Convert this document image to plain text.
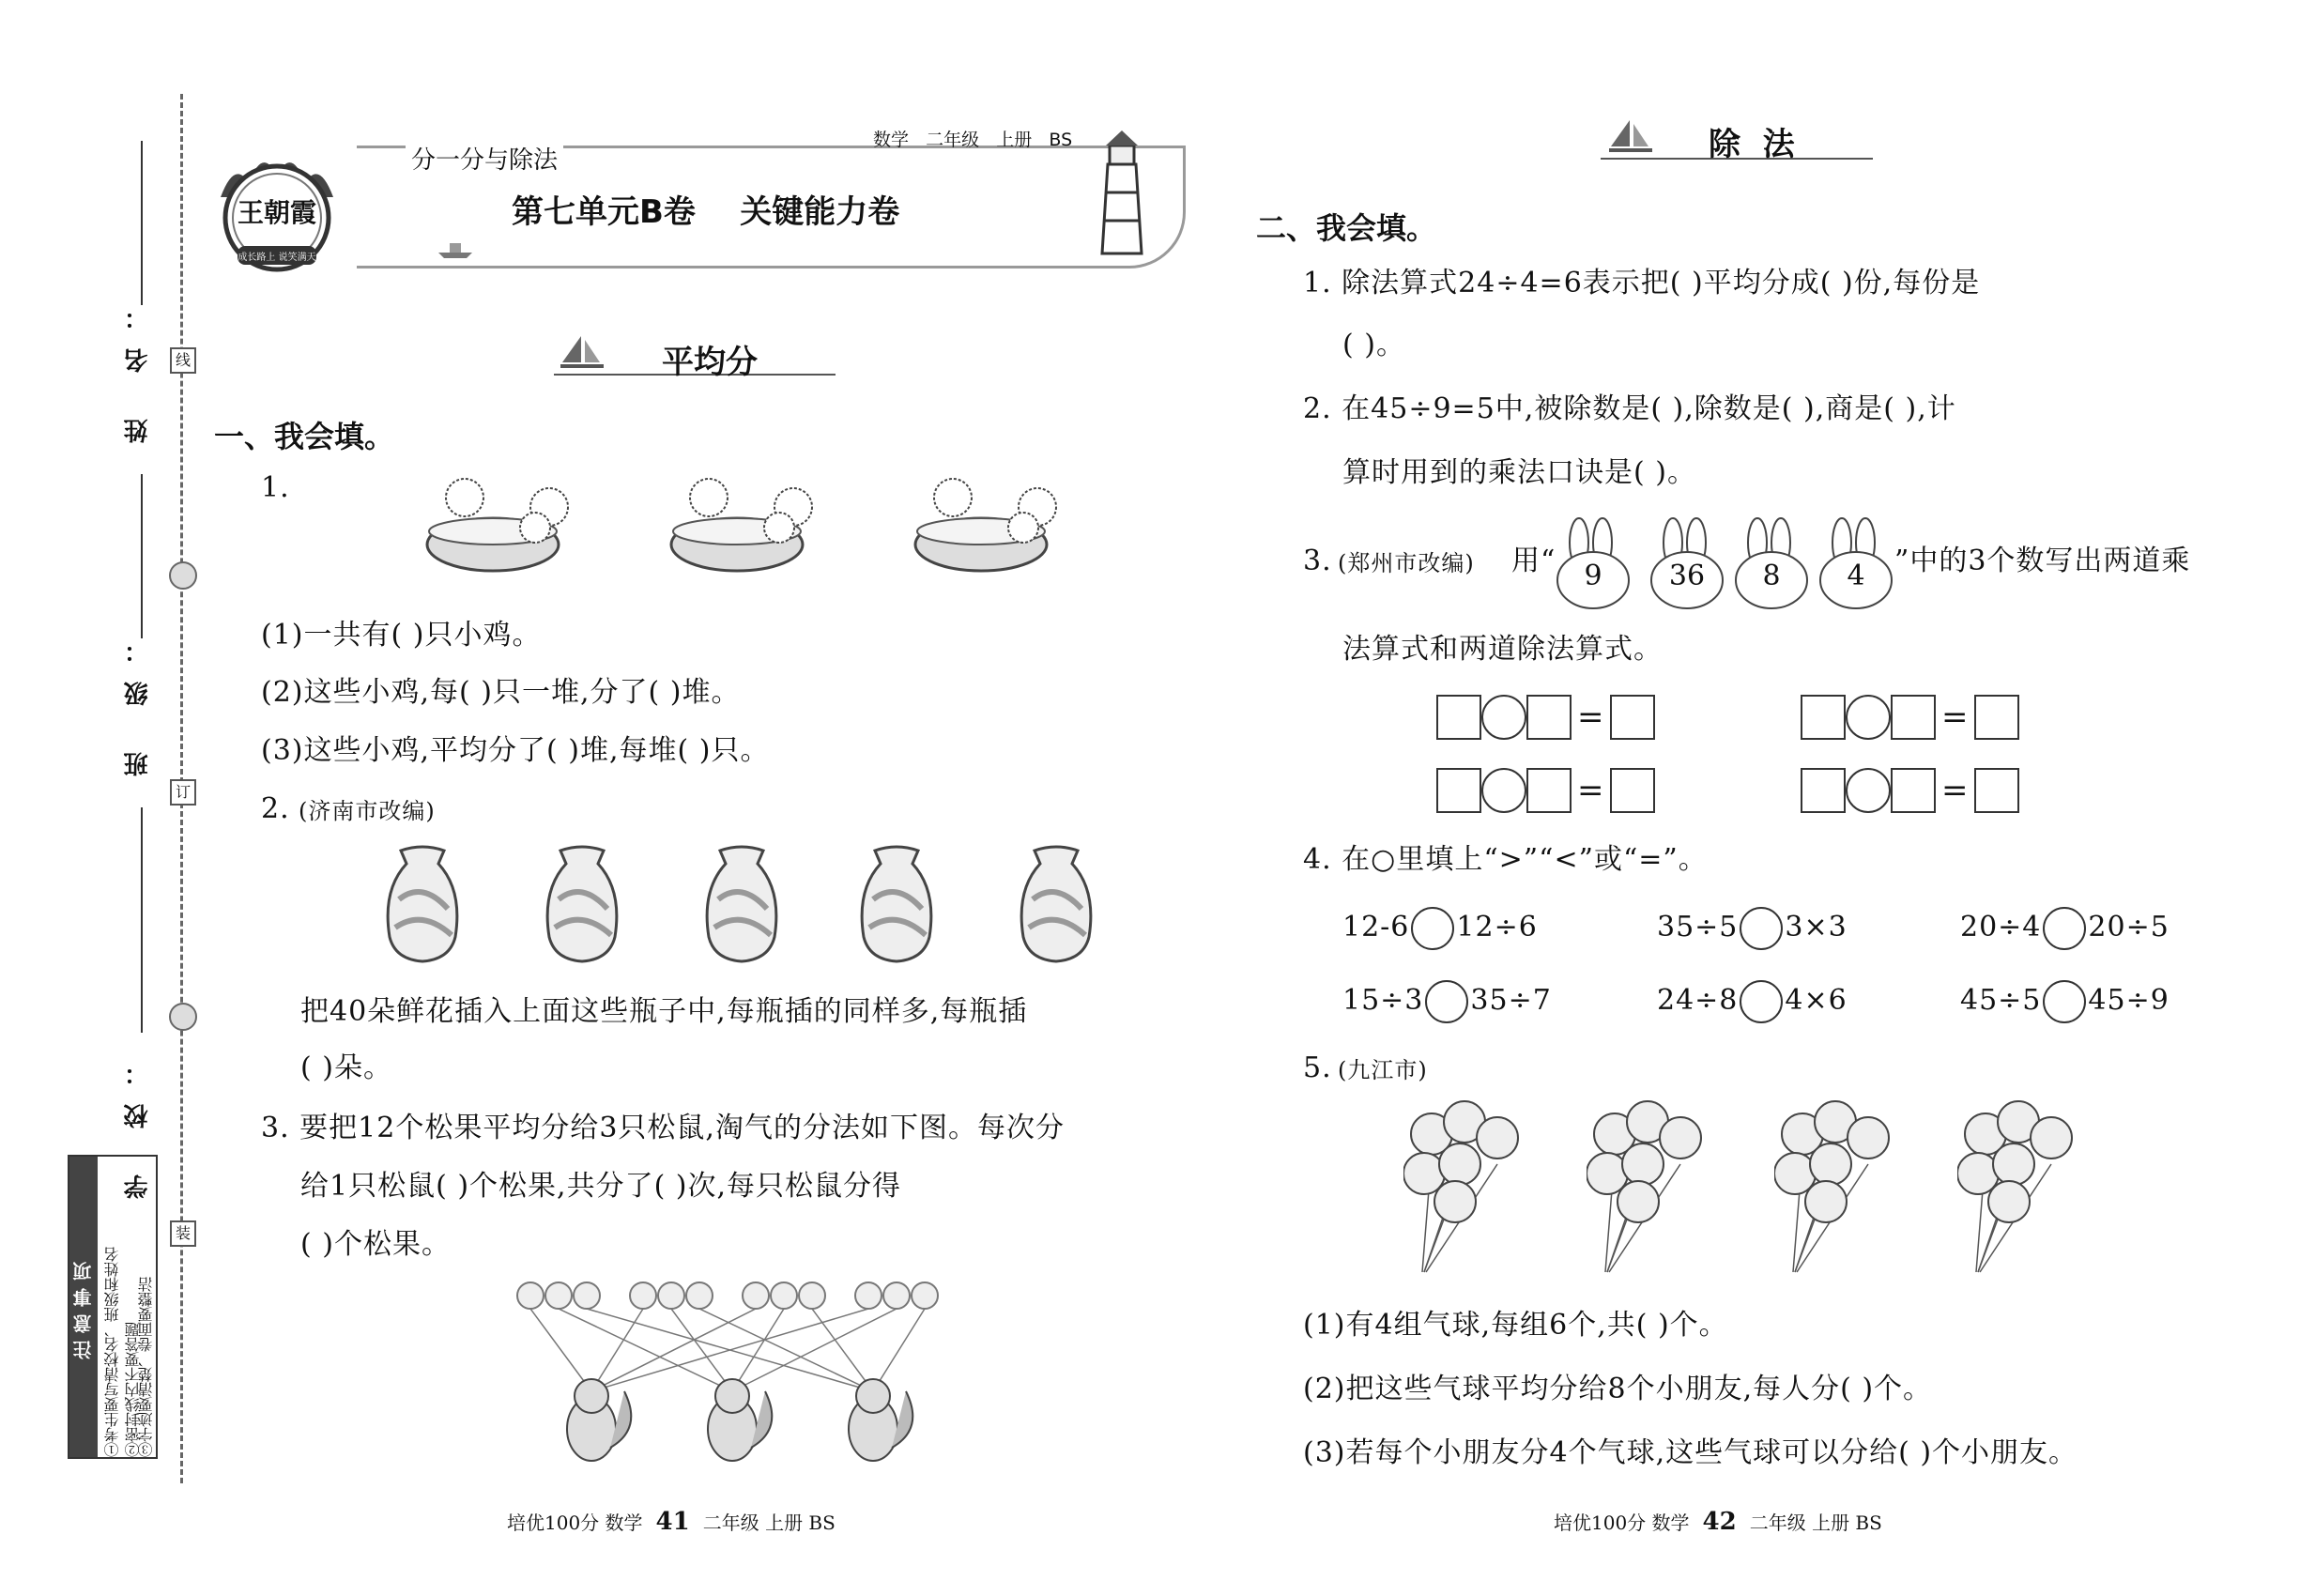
姓 名：
班 级：
学 校：
线
订
装
注意事项 ①考生要写清校名、班级和姓名 ②密封线内不要答题
③字迹要清楚、卷面要整洁
王朝霞
成长路上 说笑满天
分一分与除法
数学 二年级 上册 BS
第七单元B卷    关键能力卷
平均分
一、我会填。
1.
(1)一共有( )只小鸡。
(2)这些小鸡,每( )只一堆,分了( )堆。
(3)这些小鸡,平均分了( )堆,每堆( )只。
2. (济南市改编)
把40朵鲜花插入上面这些瓶子中,每瓶插的同样多,每瓶插
( )朵。
3. 要把12个松果平均分给3只松鼠,淘气的分法如下图。每次分
给1只松鼠( )个松果,共分了( )次,每只松鼠分得
( )个松果。
培优100分 数学 41 二年级 上册 BS
除  法
二、我会填。
1. 除法算式24÷4=6表示把( )平均分成( )份,每份是
( )。
2. 在45÷9=5中,被除数是( ),除数是( ),商是( ),计
算时用到的乘法口诀是( )。
3. (郑州市改编) 用“	9	36	8	4	”中的3个数写出两道乘
法算式和两道除法算式。
=	=
=	=
4. 在○里填上“>”“<”或“=”。
12-6 12÷6	35÷5 3×3	20÷4 20÷5
15÷3 35÷7	24÷8 4×6	45÷5 45÷9
5. (九江市)
(1)有4组气球,每组6个,共( )个。
(2)把这些气球平均分给8个小朋友,每人分( )个。
(3)若每个小朋友分4个气球,这些气球可以分给( )个小朋友。
培优100分 数学 42 二年级 上册 BS
